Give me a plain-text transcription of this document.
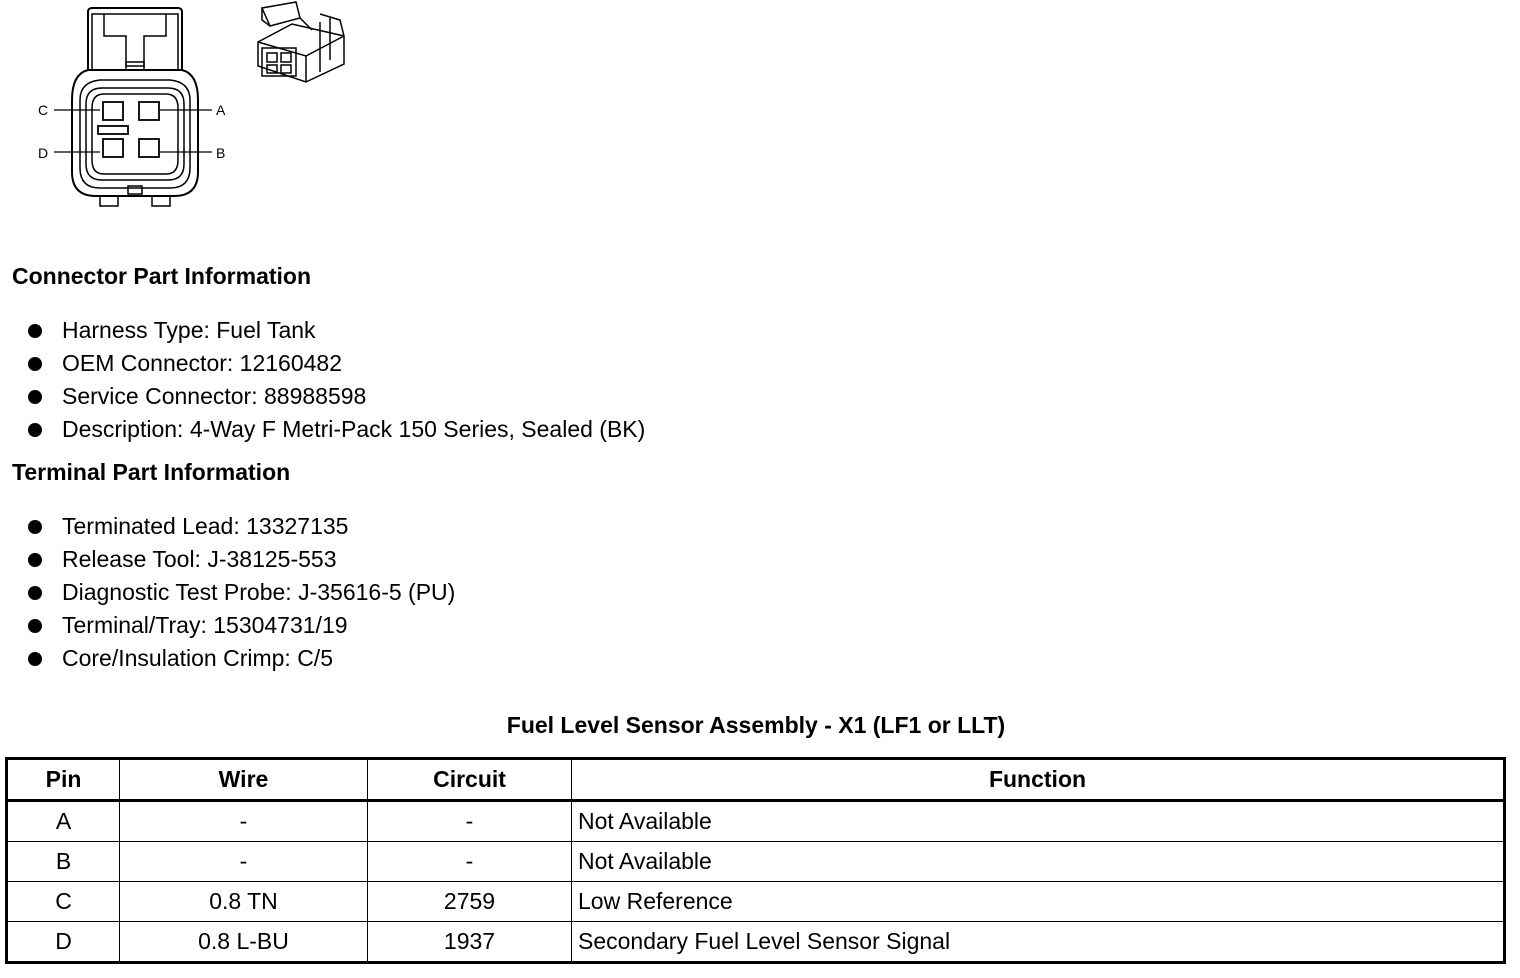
A
B
C
D
Connector Part Information
Harness Type: Fuel Tank
OEM Connector: 12160482
Service Connector: 88988598
Description: 4-Way F Metri-Pack 150 Series, Sealed (BK)
Terminal Part Information
Terminated Lead: 13327135
Release Tool: J-38125-553
Diagnostic Test Probe: J-35616-5 (PU)
Terminal/Tray: 15304731/19
Core/Insulation Crimp: C/5
Fuel Level Sensor Assembly - X1 (LF1 or LLT)
Pin	Wire	Circuit	Function
A	-	-	Not Available
B	-	-	Not Available
C	0.8 TN	2759	Low Reference
D	0.8 L-BU	1937	Secondary Fuel Level Sensor Signal
